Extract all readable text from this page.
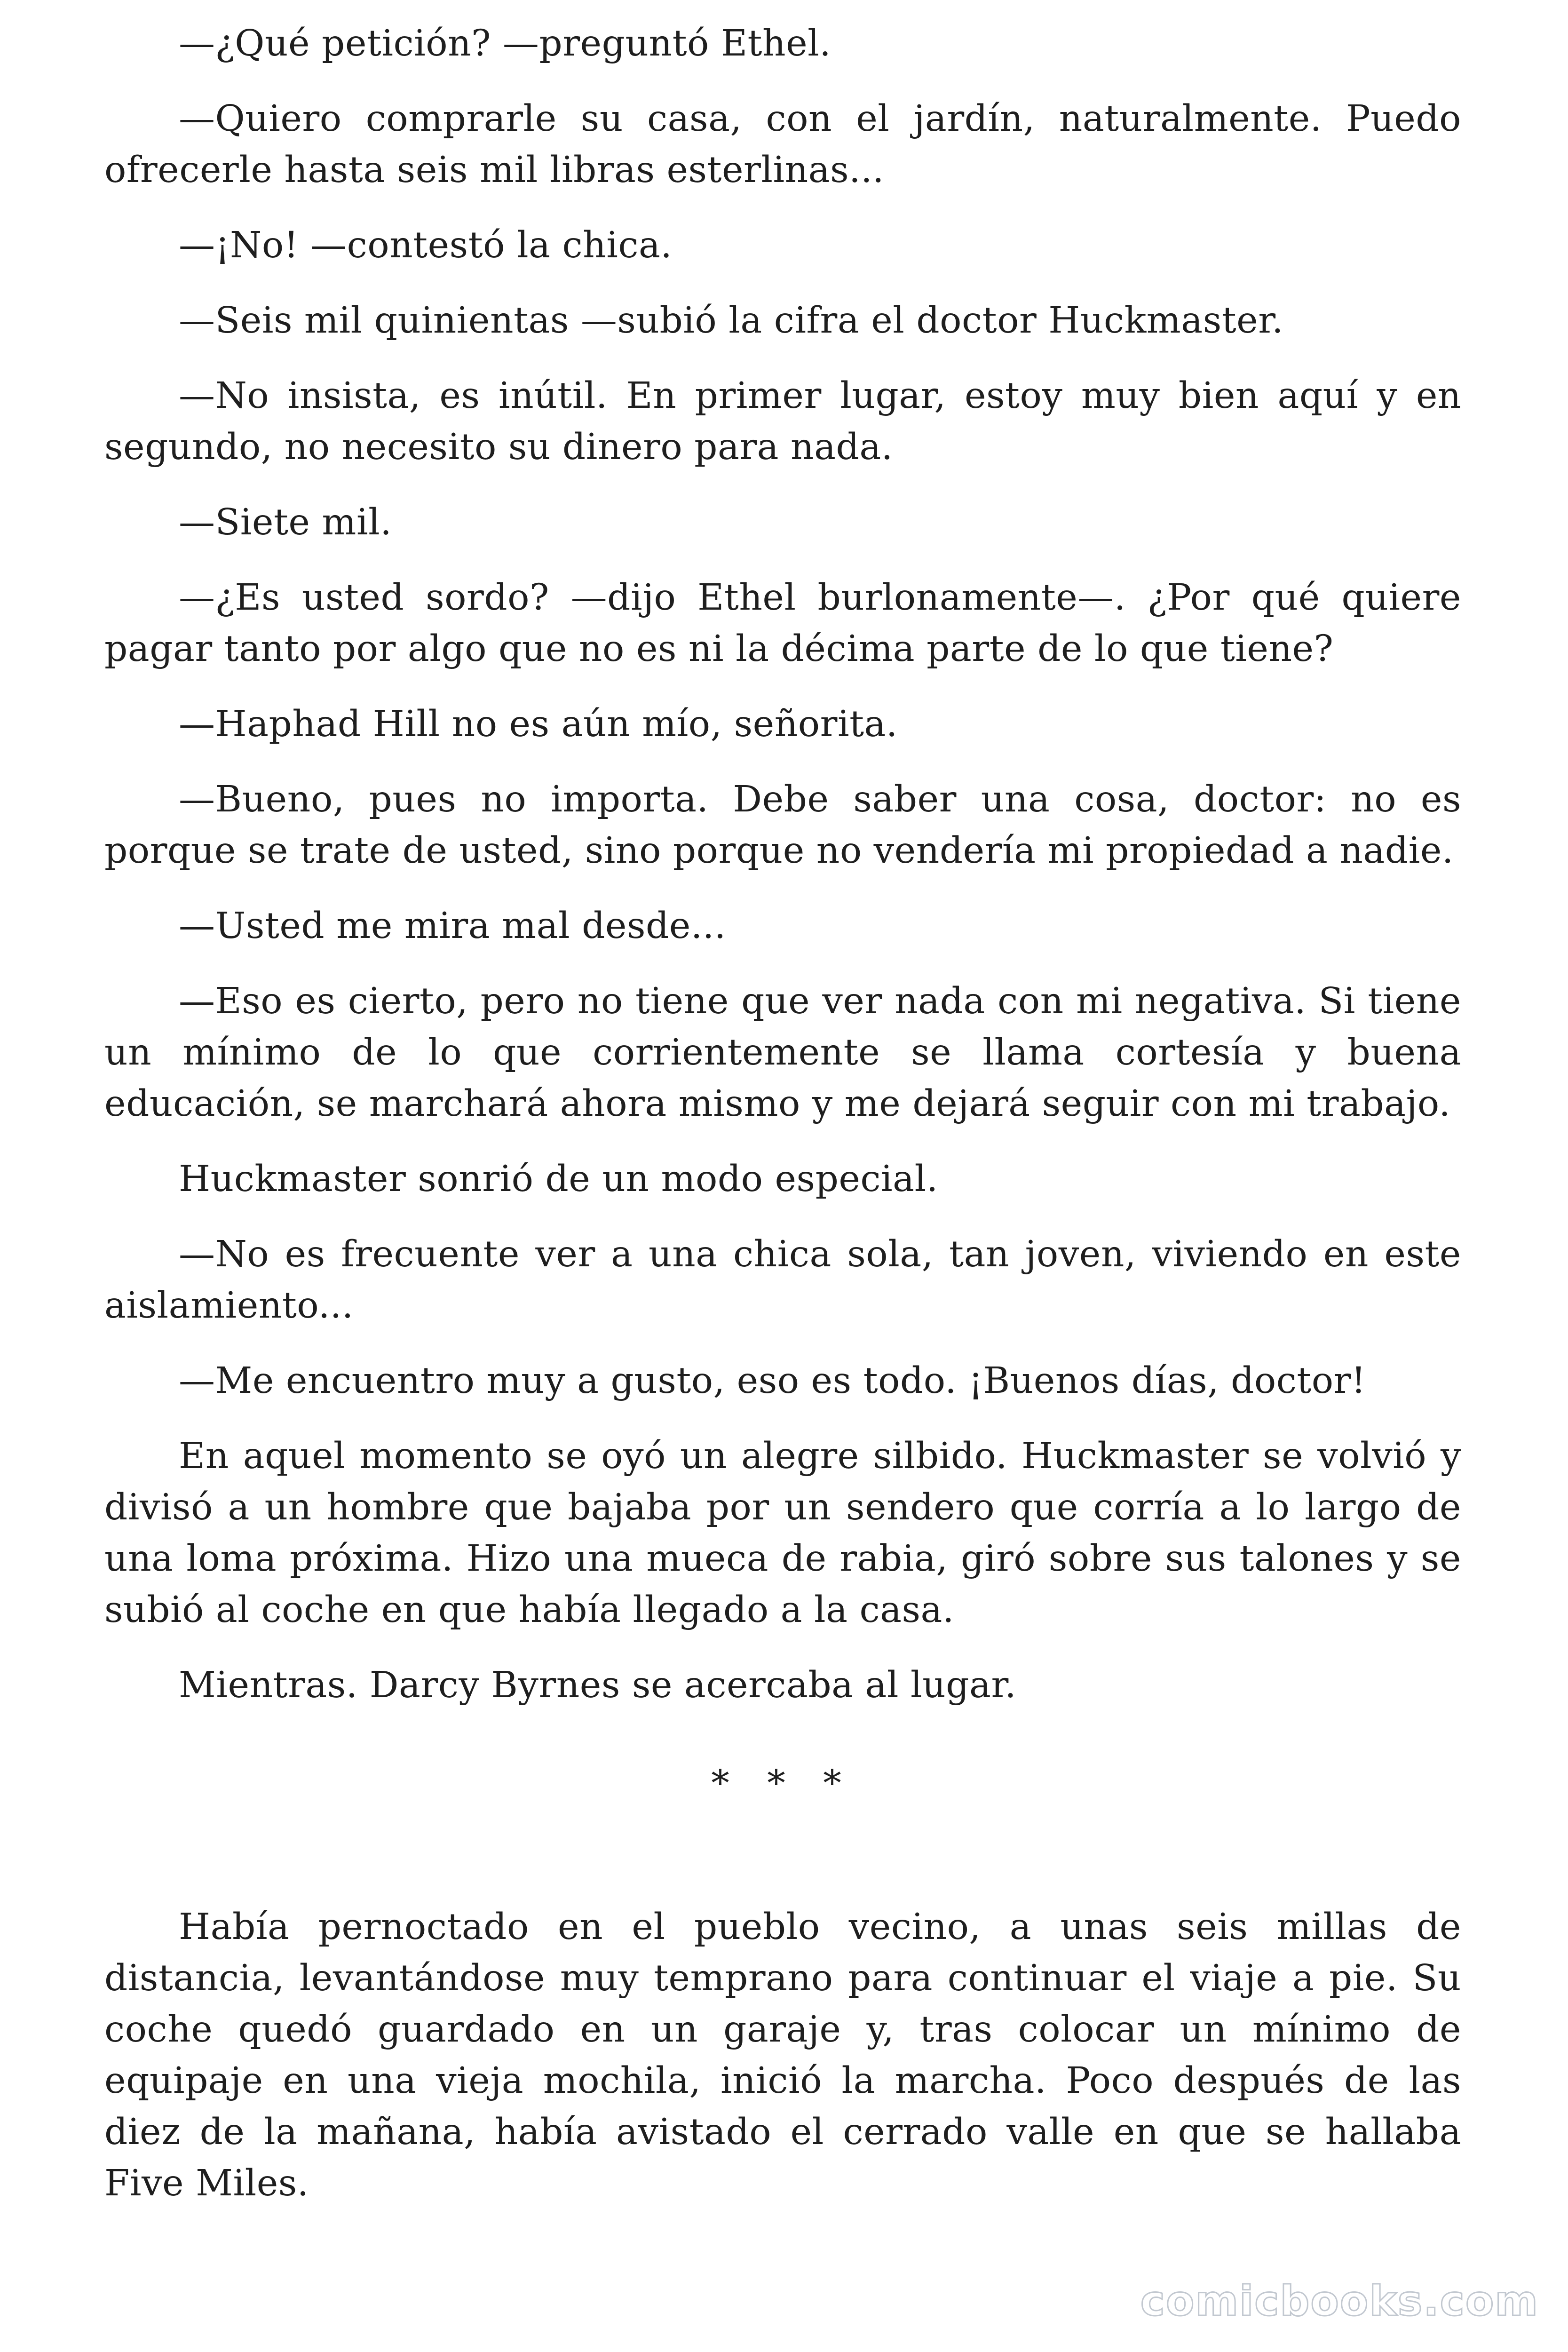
—¿Qué petición? —preguntó Ethel.

—Quiero comprarle su casa, con el jardín, naturalmente. Puedo ofrecerle hasta seis mil libras esterlinas...

—¡No! —contestó la chica.

—Seis mil quinientas —subió la cifra el doctor Huckmaster.

—No insista, es inútil. En primer lugar, estoy muy bien aquí y en segundo, no necesito su dinero para nada.

—Siete mil.

—¿Es usted sordo? —dijo Ethel burlonamente—. ¿Por qué quiere pagar tanto por algo que no es ni la décima parte de lo que tiene?

—Haphad Hill no es aún mío, señorita.

—Bueno, pues no importa. Debe saber una cosa, doctor: no es porque se trate de usted, sino porque no vendería mi propiedad a nadie.

—Usted me mira mal desde...

—Eso es cierto, pero no tiene que ver nada con mi negativa. Si tiene un mínimo de lo que corrientemente se llama cortesía y buena educación, se marchará ahora mismo y me dejará seguir con mi trabajo.

Huckmaster sonrió de un modo especial.

—No es frecuente ver a una chica sola, tan joven, viviendo en este aislamiento...

—Me encuentro muy a gusto, eso es todo. ¡Buenos días, doctor!

En aquel momento se oyó un alegre silbido. Huckmaster se volvió y divisó a un hombre que bajaba por un sendero que corría a lo largo de una loma próxima. Hizo una mueca de rabia, giró sobre sus talones y se subió al coche en que había llegado a la casa.

Mientras. Darcy Byrnes se acercaba al lugar.

* * *

Había pernoctado en el pueblo vecino, a unas seis millas de distancia, levantándose muy temprano para continuar el viaje a pie. Su coche quedó guardado en un garaje y, tras colocar un mínimo de equipaje en una vieja mochila, inició la marcha. Poco después de las diez de la mañana, había avistado el cerrado valle en que se hallaba Five Miles.

comicbooks.com
